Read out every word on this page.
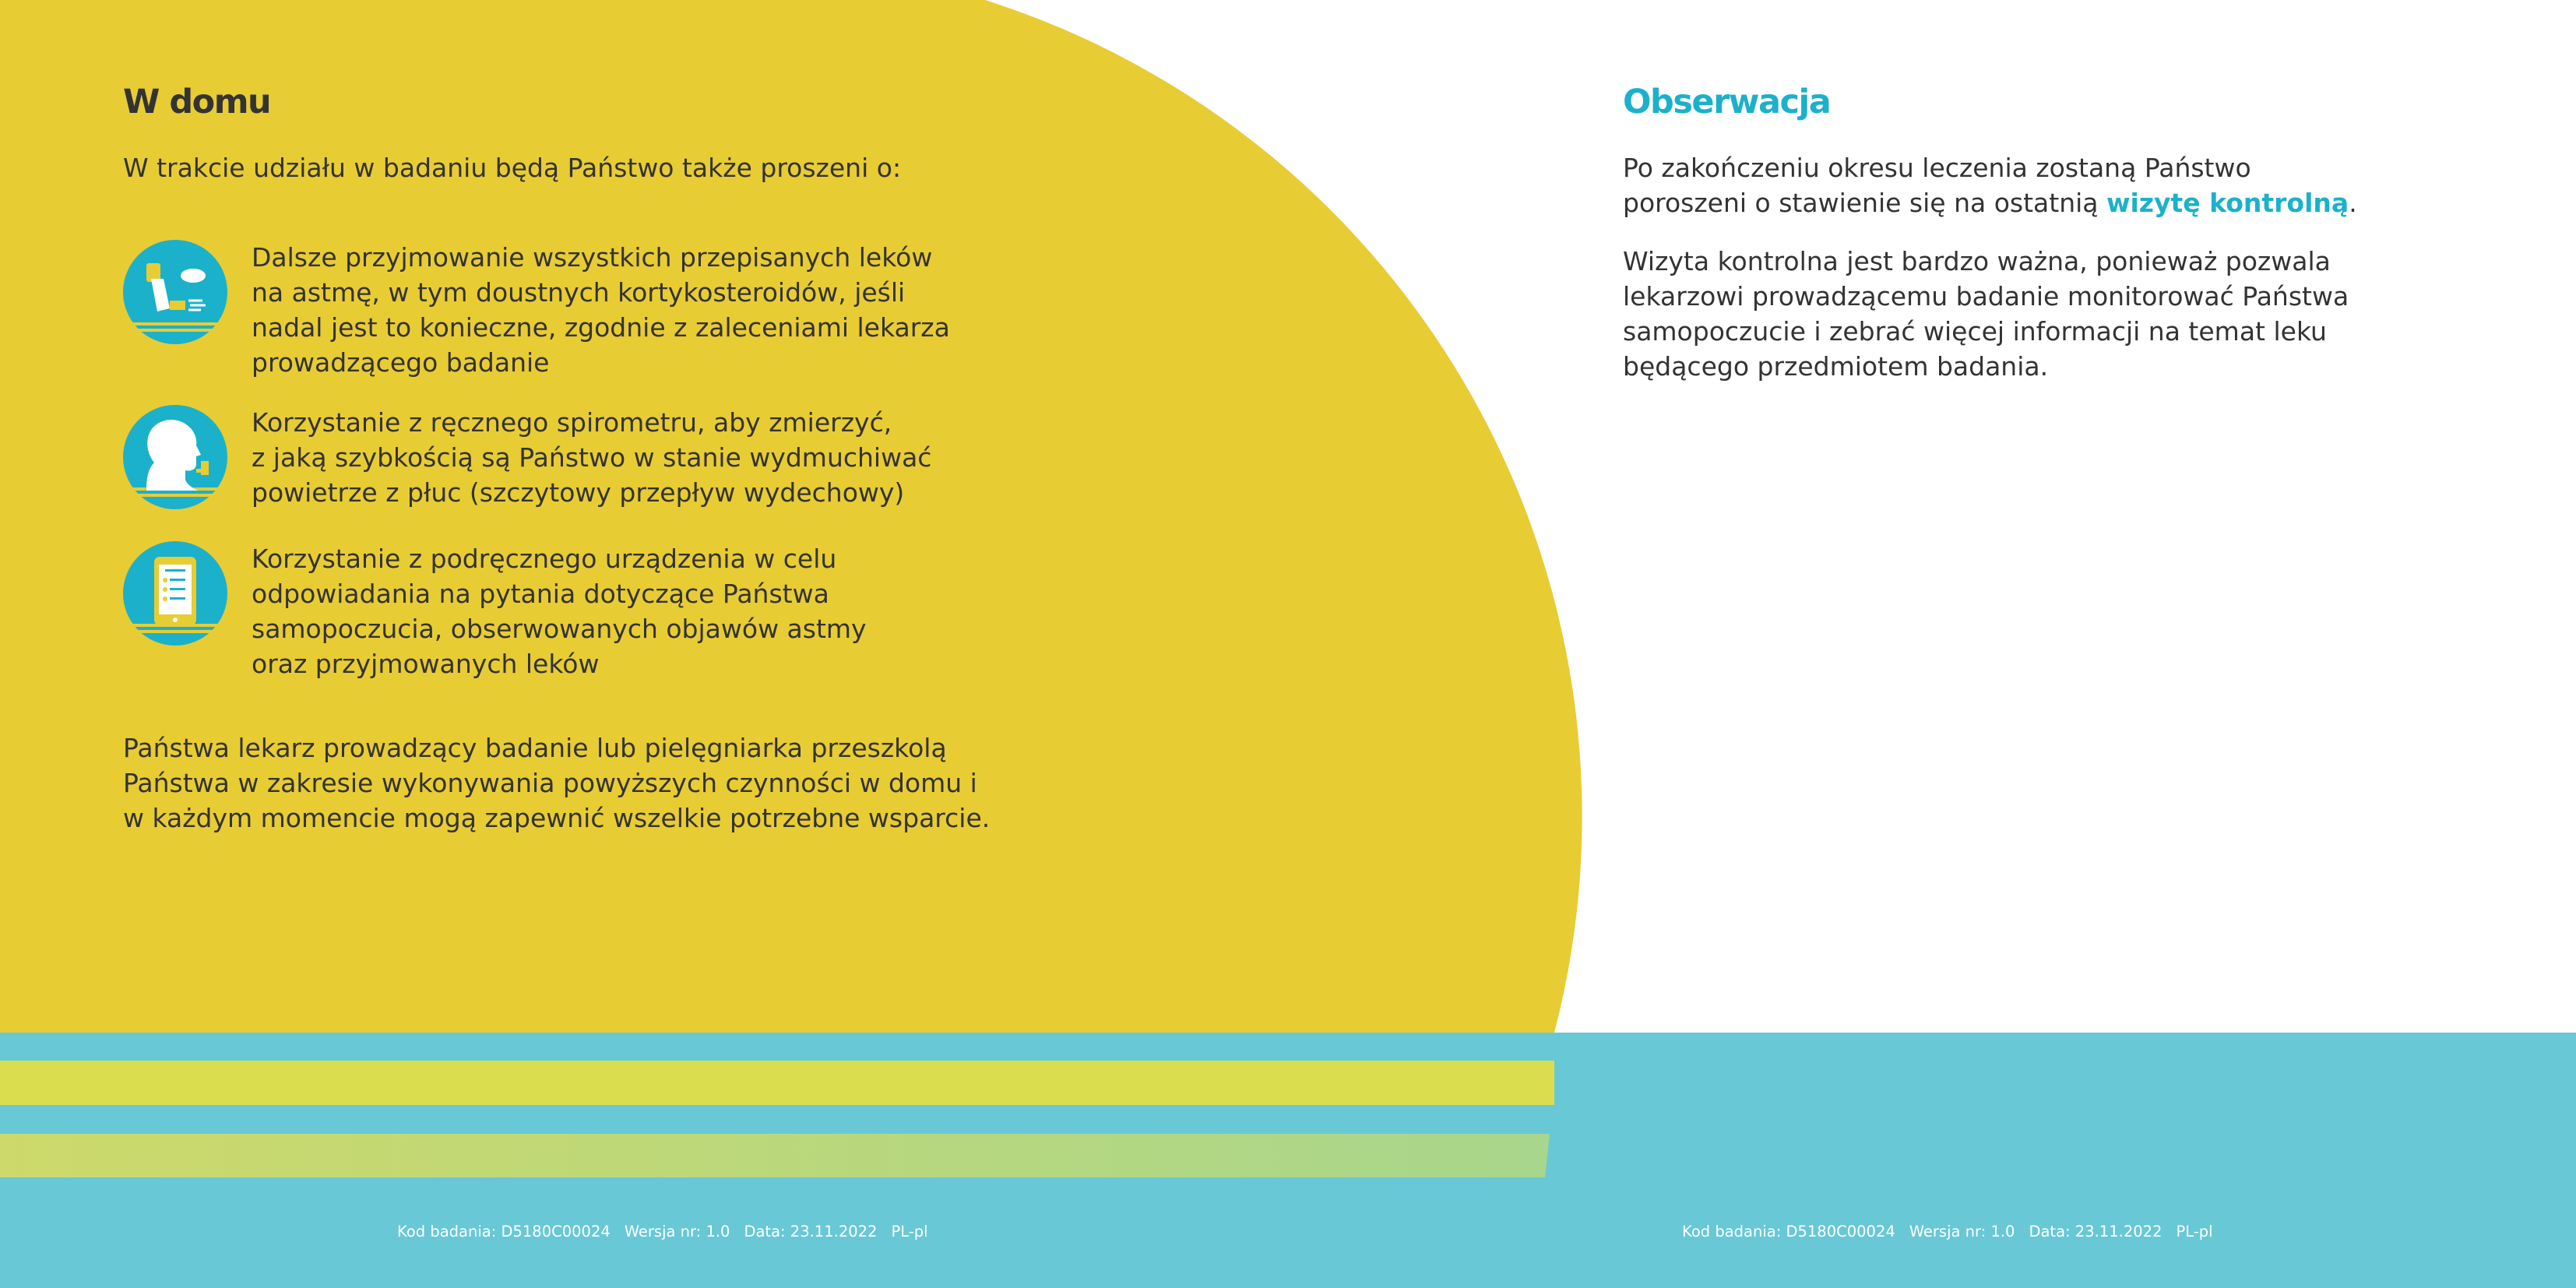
W domu

W trakcie udziału w badaniu będą Państwo także proszeni o:

Dalsze przyjmowanie wszystkich przepisanych leków
na astmę, w tym doustnych kortykosteroidów, jeśli
nadal jest to konieczne, zgodnie z zaleceniami lekarza
prowadzącego badanie

Korzystanie z ręcznego spirometru, aby zmierzyć,
z jaką szybkością są Państwo w stanie wydmuchiwać
powietrze z płuc (szczytowy przepływ wydechowy)

Korzystanie z podręcznego urządzenia w celu
odpowiadania na pytania dotyczące Państwa
samopoczucia, obserwowanych objawów astmy
oraz przyjmowanych leków

Państwa lekarz prowadzący badanie lub pielęgniarka przeszkolą
Państwa w zakresie wykonywania powyższych czynności w domu i
w każdym momencie mogą zapewnić wszelkie potrzebne wsparcie.

Obserwacja

Po zakończeniu okresu leczenia zostaną Państwo
poroszeni o stawienie się na ostatnią wizytę kontrolną.

Wizyta kontrolna jest bardzo ważna, ponieważ pozwala
lekarzowi prowadzącemu badanie monitorować Państwa
samopoczucie i zebrać więcej informacji na temat leku
będącego przedmiotem badania.

Kod badania: D5180C00024 Wersja nr: 1.0 Data: 23.11.2022 PL-pl	Kod badania: D5180C00024 Wersja nr: 1.0 Data: 23.11.2022 PL-pl
